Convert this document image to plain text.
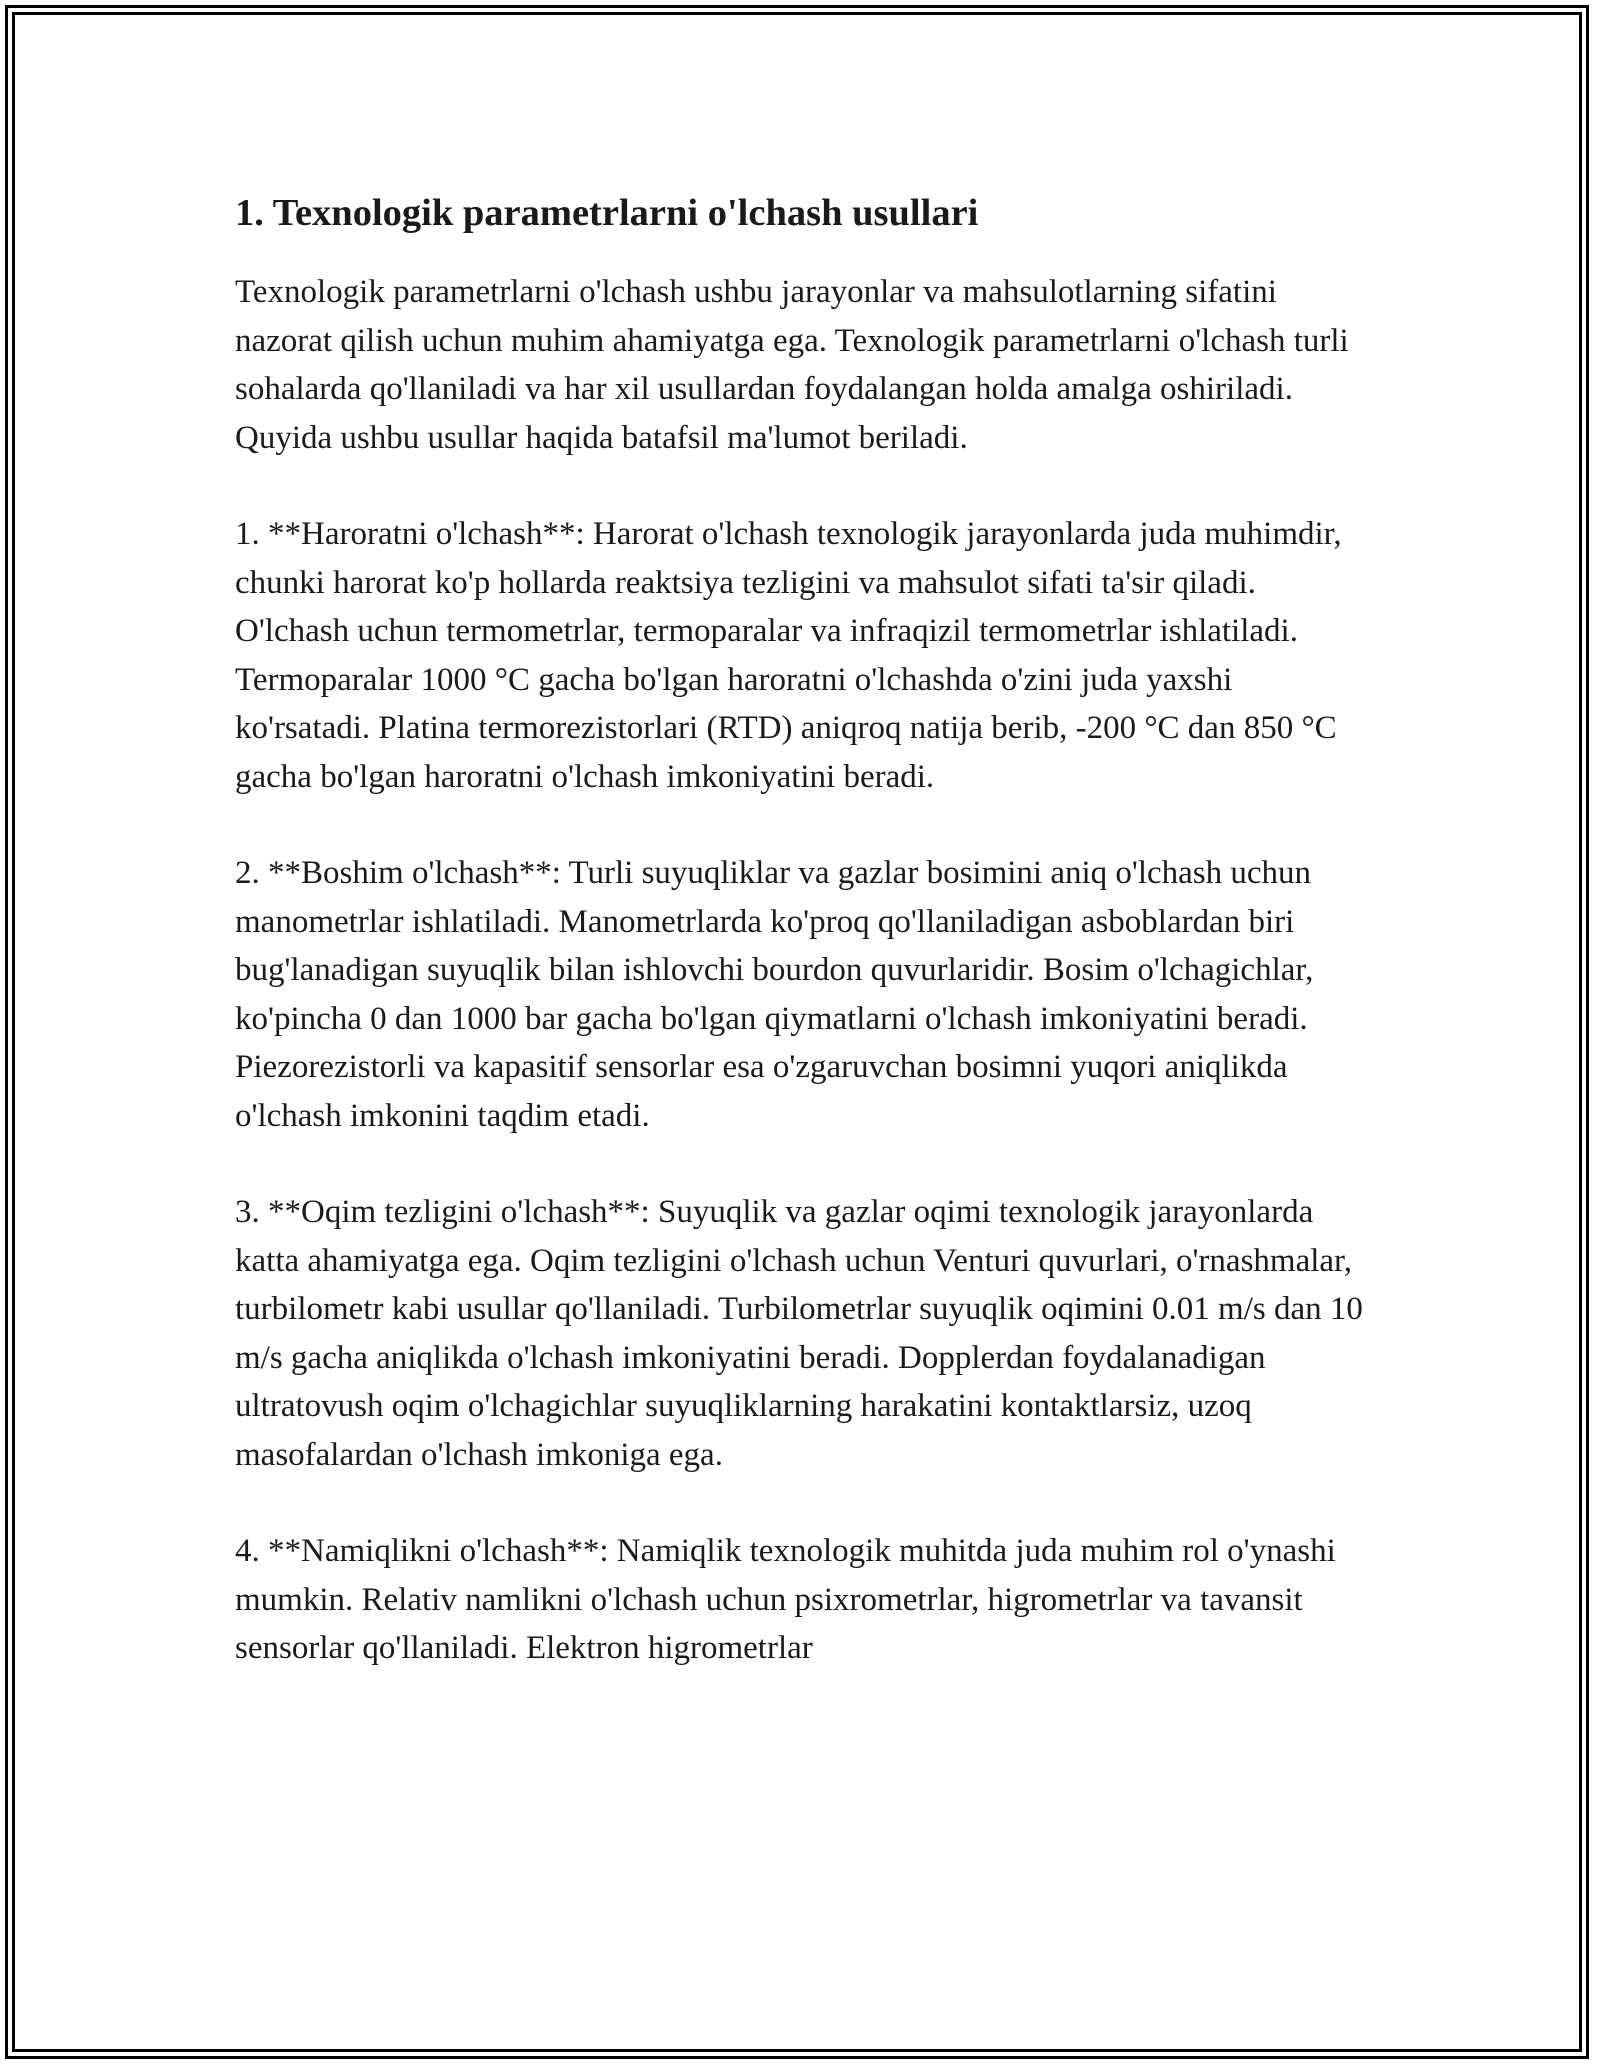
1. Texnologik parametrlarni o'lchash usullari

Texnologik parametrlarni o'lchash ushbu jarayonlar va mahsulotlarning sifatini nazorat qilish uchun muhim ahamiyatga ega. Texnologik parametrlarni o'lchash turli sohalarda qo'llaniladi va har xil usullardan foydalangan holda amalga oshiriladi. Quyida ushbu usullar haqida batafsil ma'lumot beriladi.

1. **Haroratni o'lchash**: Harorat o'lchash texnologik jarayonlarda juda muhimdir, chunki harorat ko'p hollarda reaktsiya tezligini va mahsulot sifati ta'sir qiladi. O'lchash uchun termometrlar, termoparalar va infraqizil termometrlar ishlatiladi. Termoparalar 1000 °C gacha bo'lgan haroratni o'lchashda o'zini juda yaxshi ko'rsatadi. Platina termorezistorlari (RTD) aniqroq natija berib, -200 °C dan 850 °C gacha bo'lgan haroratni o'lchash imkoniyatini beradi.

2. **Boshim o'lchash**: Turli suyuqliklar va gazlar bosimini aniq o'lchash uchun manometrlar ishlatiladi. Manometrlarda ko'proq qo'llaniladigan asboblardan biri bug'lanadigan suyuqlik bilan ishlovchi bourdon quvurlaridir. Bosim o'lchagichlar, ko'pincha 0 dan 1000 bar gacha bo'lgan qiymatlarni o'lchash imkoniyatini beradi. Piezorezistorli va kapasitif sensorlar esa o'zgaruvchan bosimni yuqori aniqlikda o'lchash imkonini taqdim etadi.

3. **Oqim tezligini o'lchash**: Suyuqlik va gazlar oqimi texnologik jarayonlarda katta ahamiyatga ega. Oqim tezligini o'lchash uchun Venturi quvurlari, o'rnashmalar, turbilometr kabi usullar qo'llaniladi. Turbilometrlar suyuqlik oqimini 0.01 m/s dan 10 m/s gacha aniqlikda o'lchash imkoniyatini beradi. Dopplerdan foydalanadigan ultratovush oqim o'lchagichlar suyuqliklarning harakatini kontaktlarsiz, uzoq masofalardan o'lchash imkoniga ega.

4. **Namiqlikni o'lchash**: Namiqlik texnologik muhitda juda muhim rol o'ynashi mumkin. Relativ namlikni o'lchash uchun psixrometrlar, higrometrlar va tavansit sensorlar qo'llaniladi. Elektron higrometrlar
